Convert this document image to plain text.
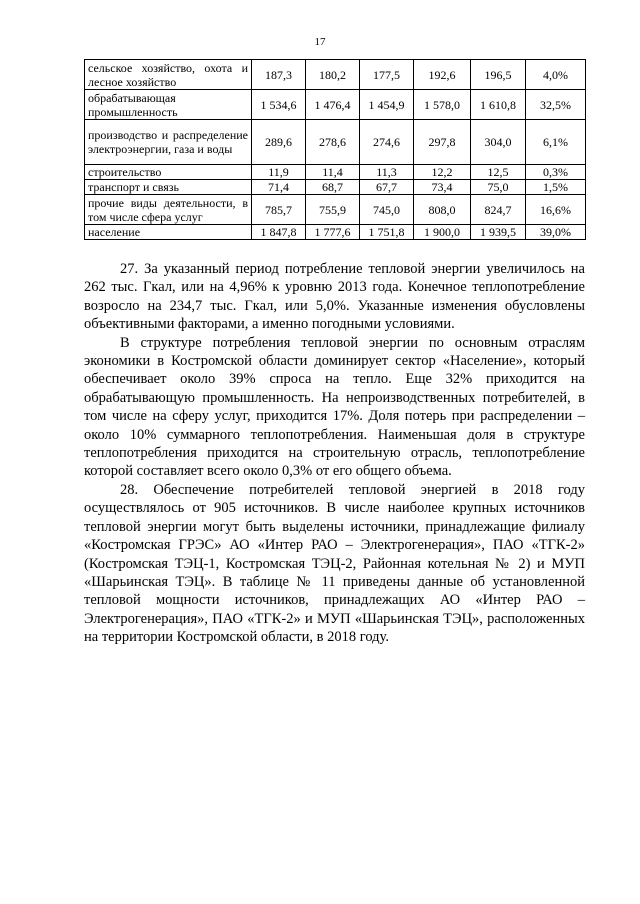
17
сельское хозяйство, охота и лесное хозяйство	187,3	180,2	177,5	192,6	196,5	4,0%
обрабатывающая промышленность	1 534,6	1 476,4	1 454,9	1 578,0	1 610,8	32,5%
производство и распределение электроэнергии, газа и воды	289,6	278,6	274,6	297,8	304,0	6,1%
строительство	11,9	11,4	11,3	12,2	12,5	0,3%
транспорт и связь	71,4	68,7	67,7	73,4	75,0	1,5%
прочие виды деятельности, в том числе сфера услуг	785,7	755,9	745,0	808,0	824,7	16,6%
население	1 847,8	1 777,6	1 751,8	1 900,0	1 939,5	39,0%

27. За указанный период потребление тепловой энергии увеличилось на 262 тыс. Гкал, или на 4,96% к уровню 2013 года. Конечное теплопотребление возросло на 234,7 тыс. Гкал, или 5,0%. Указанные изменения обусловлены объективными факторами, а именно погодными условиями.

В структуре потребления тепловой энергии по основным отраслям экономики в Костромской области доминирует сектор «Население», который обеспечивает около 39% спроса на тепло. Еще 32% приходится на обрабатывающую промышленность. На непроизводственных потребителей, в том числе на сферу услуг, приходится 17%. Доля потерь при распределении – около 10% суммарного теплопотребления. Наименьшая доля в структуре теплопотребления приходится на строительную отрасль, теплопотребление которой составляет всего около 0,3% от его общего объема.

28. Обеспечение потребителей тепловой энергией в 2018 году осуществлялось от 905 источников. В числе наиболее крупных источников тепловой энергии могут быть выделены источники, принадлежащие филиалу «Костромская ГРЭС» АО «Интер РАО – Электрогенерация», ПАО «ТГК-2» (Костромская ТЭЦ-1, Костромская ТЭЦ-2, Районная котельная № 2) и МУП «Шарьинская ТЭЦ». В таблице № 11 приведены данные об установленной тепловой мощности источников, принадлежащих АО «Интер РАО – Электрогенерация», ПАО «ТГК-2» и МУП «Шарьинская ТЭЦ», расположенных на территории Костромской области, в 2018 году.
